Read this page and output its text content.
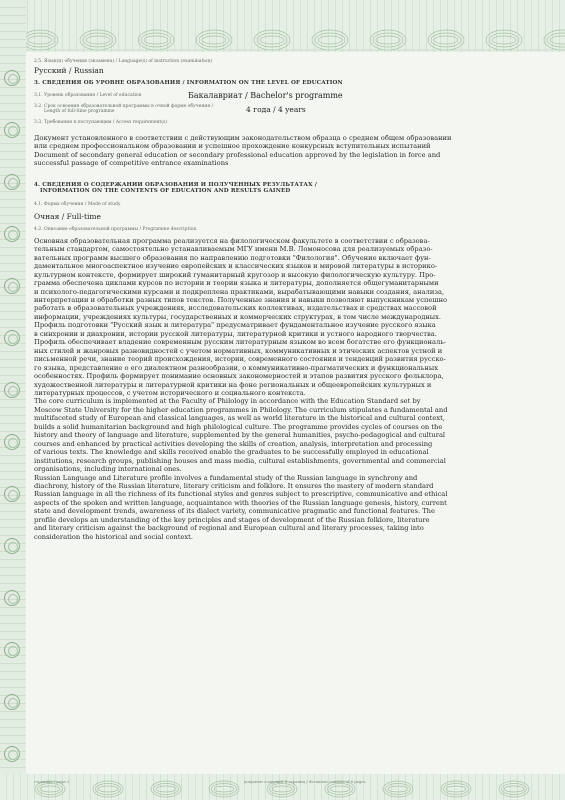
2.5. Язык(и) обучения (экзамена) / Language(s) of instruction (examination)
Русский / Russian
3. СВЕДЕНИЯ ОБ УРОВНЕ ОБРАЗОВАНИЯ / INFORMATION ON THE LEVEL OF EDUCATION
3.1. Уровень образования / Level of education	Бакалавриат / Bachelor's programme
3.2. Срок освоения образовательной программы в очной форме обучения /
Length of full-time programme	4 года / 4 years
3.3. Требования к поступающим / Access requirement(s)

Документ установленного в соответствии с действующим законодательством образца о среднем общем образовании

или среднем профессиональном образовании и успешное прохождение конкурсных вступительных испытаний

Document of secondary general education or secondary professional education approved by the legislation in force and

successful passage of competitive entrance examinations

4. СВЕДЕНИЯ О СОДЕРЖАНИИ ОБРАЗОВАНИЯ И ПОЛУЧЕННЫХ РЕЗУЛЬТАТАХ /
INFORMATION ON THE CONTENTS OF EDUCATION AND RESULTS GAINED
4.1. Форма обучения / Mode of study
Очная / Full-time
4.2. Описание образовательной программы / Programme description

Основная образовательная программа реализуется на филологическом факультете в соответствии с образова-

тельным стандартом, самостоятельно устанавливаемым МГУ имени М.В. Ломоносова для реализуемых образо-

вательных программ высшего образования по направлению подготовки "Филология". Обучение включает фун-

даментальное многоаспектное изучение европейских и классических языков и мировой литературы в историко-

культурном контексте, формирует широкий гуманитарный кругозор и высокую филологическую культуру. Про-

грамма обеспечена циклами курсов по истории и теории языка и литературы, дополняется общегуманитарными

и психолого-педагогическими курсами и подкреплена практиками, вырабатывающими навыки создания, анализа,

интерпретации и обработки разных типов текстов. Полученные знания и навыки позволяют выпускникам успешно

работать в образовательных учреждениях, исследовательских коллективах, издательствах и средствах массовой

информации, учреждениях культуры, государственных и коммерческих структурах, в том числе международных.

Профиль подготовки "Русский язык и литература" предусматривает фундаментальное изучение русского языка

в синхронии и диахронии, истории русской литературы, литературной критики и устного народного творчества.

Профиль обеспечивает владение современным русским литературным языком во всем богатстве его функциональ-

ных стилей и жанровых разновидностей с учетом нормативных, коммуникативных и этических аспектов устной и

письменной речи, знание теорий происхождения, истории, современного состояния и тенденций развития русско-

го языка, представление о его диалектном разнообразии, о коммуникативно-прагматических и функциональных

особенностях. Профиль формирует понимание основных закономерностей и этапов развития русского фольклора,

художественной литературы и литературной критики на фоне региональных и общеевропейских культурных и

литературных процессов, с учетом исторического и социального контекста.

The core curriculum is implemented at the Faculty of Philology in accordance with the Education Standard set by

Moscow State University for the higher education programmes in Philology. The curriculum stipulates a fundamental and

multifaceted study of European and classical languages, as well as world literature in the historical and cultural context,

builds a solid humanitarian background and high philological culture. The programme provides cycles of courses on the

history and theory of language and literature, supplemented by the general humanities, psycho-pedagogical and cultural

courses and enhanced by practical activities developing the skills of creation, analysis, interpretation and processing

of various texts. The knowledge and skills received enable the graduates to be successfully employed in educational

institutions, research groups, publishing houses and mass media, cultural establishments, governmental and commercial

organisations, including international ones.

Russian Language and Literature profile involves a fundamental study of the Russian language in synchrony and

diachrony, history of the Russian literature, literary criticism and folklore. It ensures the mastery of modern standard

Russian language in all the richness of its functional styles and genres subject to prescriptive, communicative and ethical

aspects of the spoken and written language, acquaintance with theories of the Russian language genesis, history, current

state and development trends, awareness of its dialect variety, communicative pragmatic and functional features. The

profile develops an understanding of the key principles and stages of development of the Russian folklore, literature

and literary criticism against the background of regional and European cultural and literary processes, taking into

consideration the historical and social context.

страница / page 2	документ содержит 8 страниц / document consists of 8 pages
